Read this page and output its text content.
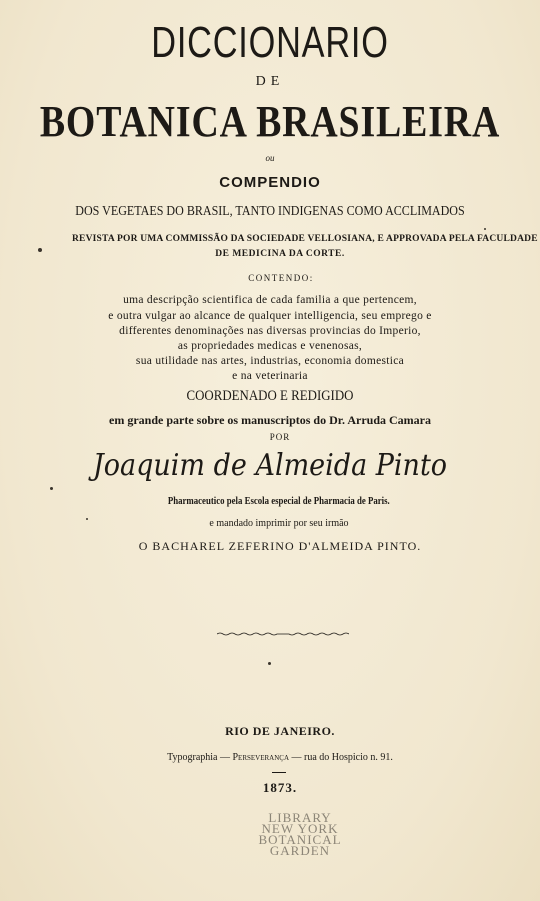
DICCIONARIO
DE
BOTANICA BRASILEIRA
ou
COMPENDIO
DOS VEGETAES DO BRASIL, TANTO INDIGENAS COMO ACCLIMADOS
REVISTA POR UMA COMMISSÃO DA SOCIEDADE VELLOSIANA, E APPROVADA PELA FACULDADE
DE MEDICINA DA CORTE.
CONTENDO:
uma descripção scientifica de cada familia a que pertencem,
e outra vulgar ao alcance de qualquer intelligencia, seu emprego e
differentes denominações nas diversas provincias do Imperio,
as propriedades medicas e venenosas,
sua utilidade nas artes, industrias, economia domestica
e na veterinaria
COORDENADO E REDIGIDO
em grande parte sobre os manuscriptos do Dr. Arruda Camara
POR
Joaquim de Almeida Pinto
Pharmaceutico pela Escola especial de Pharmacia de Paris.
e mandado imprimir por seu irmão
O BACHAREL ZEFERINO D'ALMEIDA PINTO.
RIO DE JANEIRO.
Typographia — Perseverança — rua do Hospicio n. 91.
1873.
LIBRARY
NEW YORK
BOTANICAL
GARDEN
